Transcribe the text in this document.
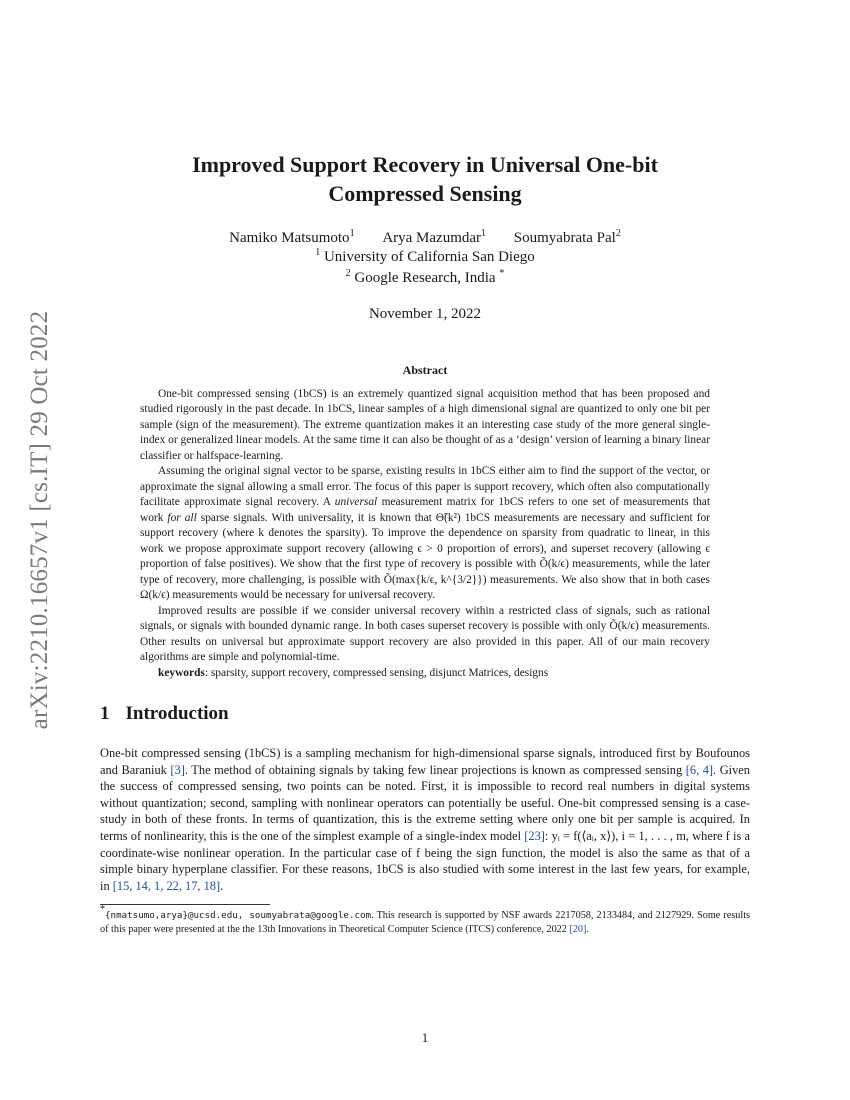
arXiv:2210.16657v1 [cs.IT] 29 Oct 2022
Improved Support Recovery in Universal One-bit
Compressed Sensing
Namiko Matsumoto$^1$ Arya Mazumdar$^1$ Soumyabrata Pal$^2$
$^1$ University of California San Diego
$^2$ Google Research, India *
November 1, 2022
Abstract

One-bit compressed sensing (1bCS) is an extremely quantized signal acquisition method that has been proposed and studied rigorously in the past decade. In 1bCS, linear samples of a high dimensional signal are quantized to only one bit per sample (sign of the measurement). The extreme quantization makes it an interesting case study of the more general single-index or generalized linear models. At the same time it can also be thought of as a ‘design’ version of learning a binary linear classifier or halfspace-learning.

Assuming the original signal vector to be sparse, existing results in 1bCS either aim to find the support of the vector, or approximate the signal allowing a small error. The focus of this paper is support recovery, which often also computationally facilitate approximate signal recovery. A universal measurement matrix for 1bCS refers to one set of measurements that work for all sparse signals. With universality, it is known that Θ̃(k²) 1bCS measurements are necessary and sufficient for support recovery (where k denotes the sparsity). To improve the dependence on sparsity from quadratic to linear, in this work we propose approximate support recovery (allowing ϵ > 0 proportion of errors), and superset recovery (allowing ϵ proportion of false positives). We show that the first type of recovery is possible with Õ(k/ϵ) measurements, while the later type of recovery, more challenging, is possible with Õ(max{k/ϵ, k^{3/2}}) measurements. We also show that in both cases Ω(k/ϵ) measurements would be necessary for universal recovery.

Improved results are possible if we consider universal recovery within a restricted class of signals, such as rational signals, or signals with bounded dynamic range. In both cases superset recovery is possible with only Õ(k/ϵ) measurements. Other results on universal but approximate support recovery are also provided in this paper. All of our main recovery algorithms are simple and polynomial-time.

keywords: sparsity, support recovery, compressed sensing, disjunct Matrices, designs

1 Introduction

One-bit compressed sensing (1bCS) is a sampling mechanism for high-dimensional sparse signals, introduced first by Boufounos and Baraniuk [3]. The method of obtaining signals by taking few linear projections is known as compressed sensing [6, 4]. Given the success of compressed sensing, two points can be noted. First, it is impossible to record real numbers in digital systems without quantization; second, sampling with nonlinear operators can potentially be useful. One-bit compressed sensing is a case-study in both of these fronts. In terms of quantization, this is the extreme setting where only one bit per sample is acquired. In terms of nonlinearity, this is the one of the simplest example of a single-index model [23]: yᵢ = f(⟨aᵢ, x⟩), i = 1, . . . , m, where f is a coordinate-wise nonlinear operation. In the particular case of f being the sign function, the model is also the same as that of a simple binary hyperplane classifier. For these reasons, 1bCS is also studied with some interest in the last few years, for example, in [15, 14, 1, 22, 17, 18].

*{nmatsumo,arya}@ucsd.edu, soumyabrata@google.com. This research is supported by NSF awards 2217058, 2133484, and 2127929. Some results of this paper were presented at the the 13th Innovations in Theoretical Computer Science (ITCS) conference, 2022 [20].
1
